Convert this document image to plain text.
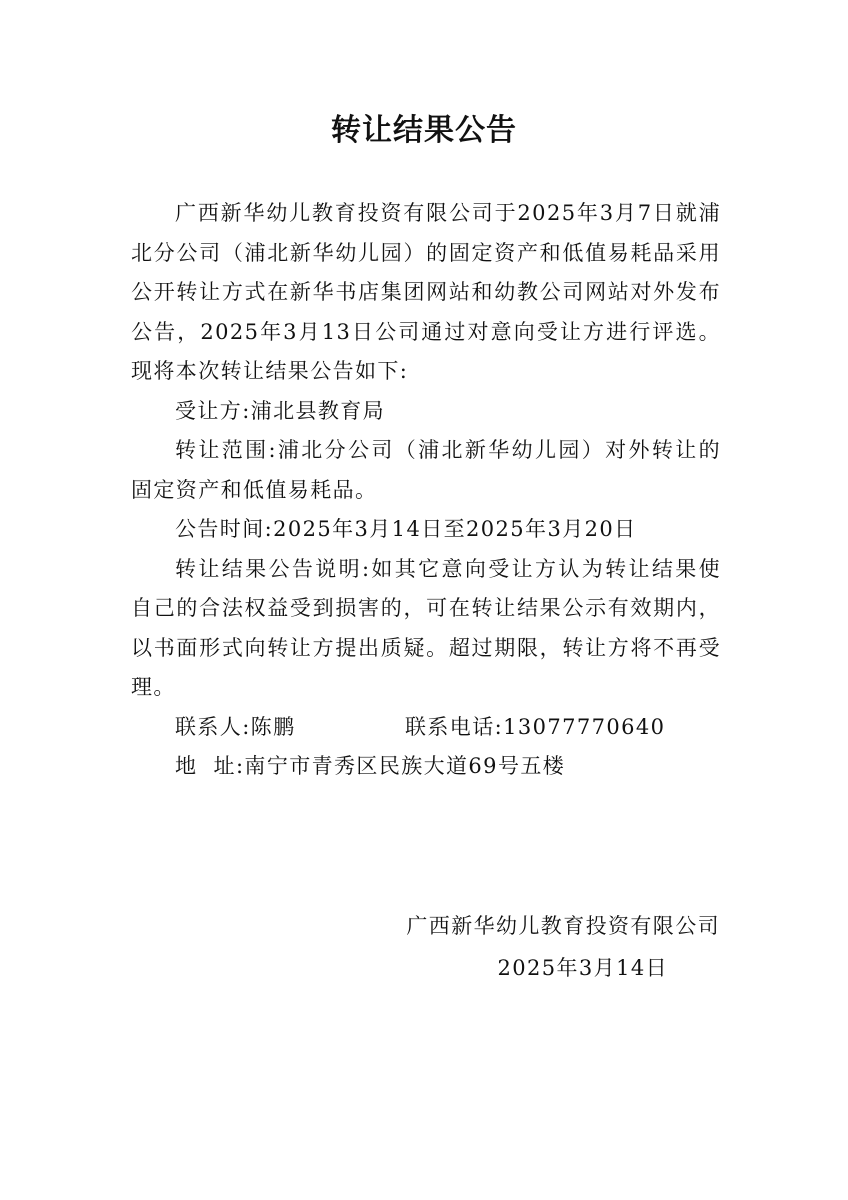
转让结果公告

广西新华幼儿教育投资有限公司于2025年3月7日就浦北分公司（浦北新华幼儿园）的固定资产和低值易耗品采用公开转让方式在新华书店集团网站和幼教公司网站对外发布公告，2025年3月13日公司通过对意向受让方进行评选。现将本次转让结果公告如下:

受让方:浦北县教育局

转让范围:浦北分公司（浦北新华幼儿园）对外转让的固定资产和低值易耗品。

公告时间:2025年3月14日至2025年3月20日

转让结果公告说明:如其它意向受让方认为转让结果使自己的合法权益受到损害的，可在转让结果公示有效期内，以书面形式向转让方提出质疑。超过期限，转让方将不再受理。

联系人:陈鹏	联系电话:13077770640

地  址:南宁市青秀区民族大道69号五楼

广西新华幼儿教育投资有限公司
2025年3月14日
